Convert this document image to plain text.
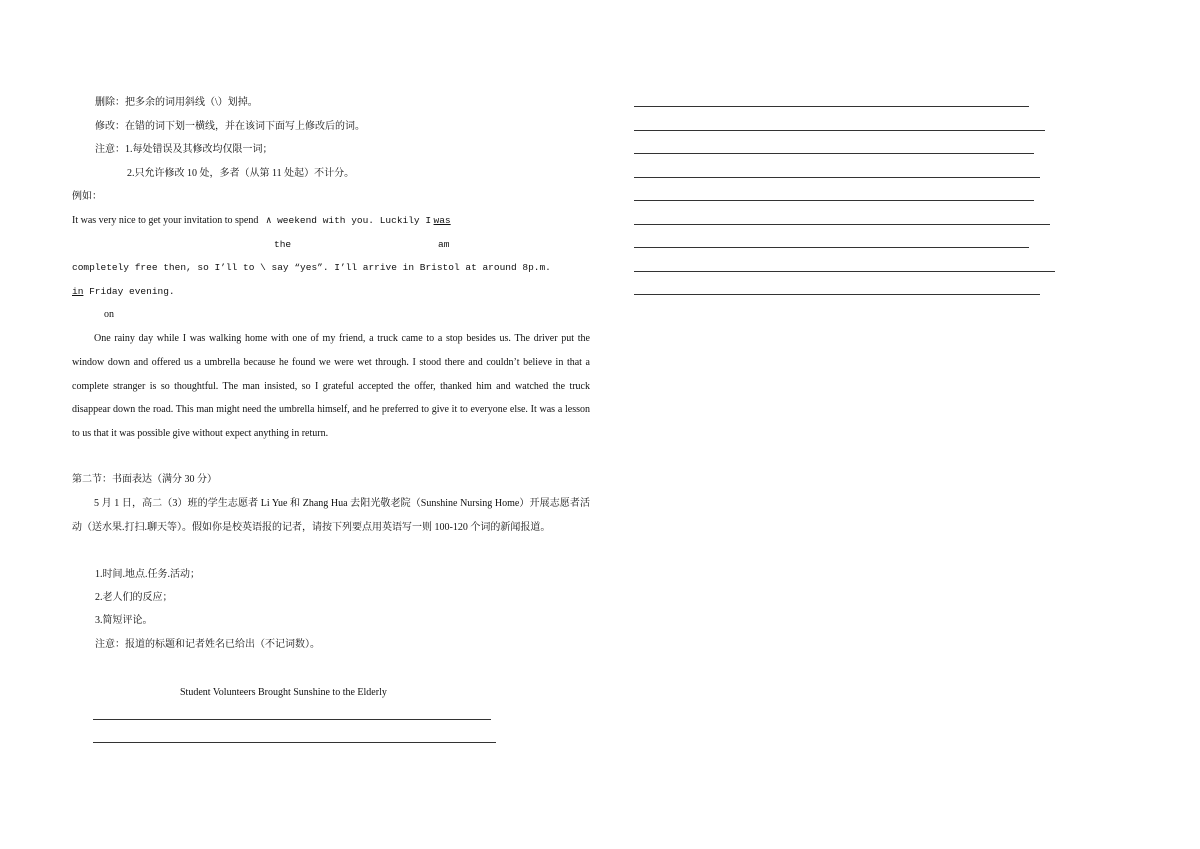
删除：把多余的词用斜线（\）划掉。
修改：在错的词下划一横线，并在该词下面写上修改后的词。
注意：1.每处错误及其修改均仅限一词；
2.只允许修改 10 处，多者（从第 11 处起）不计分。
例如：
It was very nice to get your invitation to spend ∧ weekend with you. Luckily I was
the	am
completely free then, so I’ll to \ say “yes”. I’ll arrive in Bristol at around 8p.m.
in Friday evening.
on
One rainy day while I was walking home with one of my friend, a truck came to a stop besides us. The driver put the window down and offered us a umbrella because he found we were wet through. I stood there and couldn’t believe in that a complete stranger is so thoughtful. The man insisted, so I grateful accepted the offer, thanked him and watched the truck disappear down the road. This man might need the umbrella himself, and he preferred to give it to everyone else. It was a lesson to us that it was possible give without expect anything in return.
第二节：书面表达（满分 30 分）
5 月 1 日，高二（3）班的学生志愿者 Li Yue 和 Zhang Hua 去阳光敬老院（Sunshine Nursing Home）开展志愿者活动（送水果.打扫.聊天等）。假如你是校英语报的记者，请按下列要点用英语写一则 100-120 个词的新闻报道。
1.时间.地点.任务.活动；
2.老人们的反应；
3.简短评论。
注意：报道的标题和记者姓名已给出（不记词数）。
Student Volunteers Brought Sunshine to the Elderly
